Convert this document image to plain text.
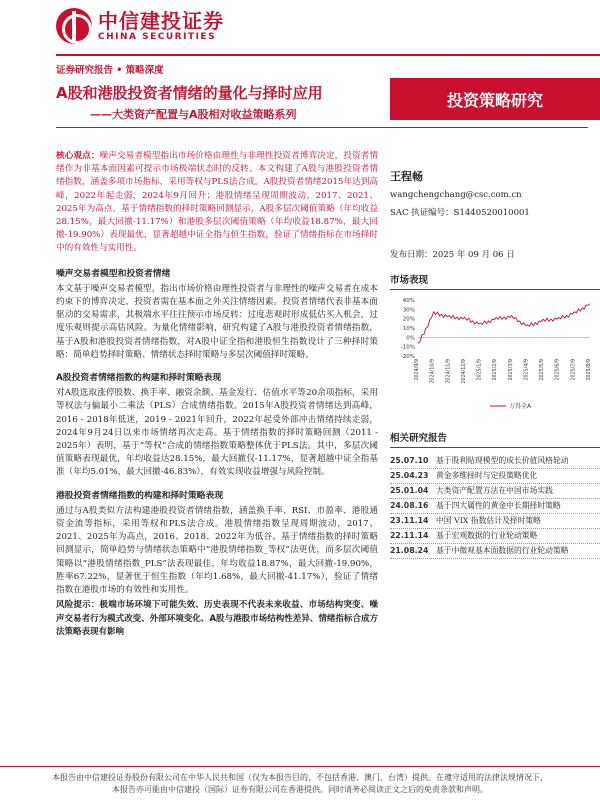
中信建投证券
CHINA SECURITIES
证券研究报告 • 策略深度
A股和港股投资者情绪的量化与择时应用
——大类资产配置与A股相对收益策略系列
投资策略研究
核心观点：噪声交易者模型指出市场价格由理性与非理性投资者博弈决定，投资者情绪作为非基本面因素可提示市场极端状态时的反转。本文构建了A股与港股投资者情绪指数，涵盖多项市场指标，采用等权与PLS法合成。A股投资者情绪2015年达到高峰，2022年起走弱，2024年9月回升；港股情绪呈现周期波动，2017、2021、2025年为高点。基于情绪指数的择时策略回测显示，A股多层次阈值策略（年均收益28.15%，最大回撤-11.17%）和港股多层次阈值策略（年均收益18.87%，最大回撤-19.90%）表现最优，显著超越中证全指与恒生指数，验证了情绪指标在市场择时中的有效性与实用性。
噪声交易者模型和投资者情绪
本文基于噪声交易者模型，指出市场价格由理性投资者与非理性的噪声交易者在成本约束下的博弈决定，投资者需在基本面之外关注情绪因素。投资者情绪代表非基本面驱动的交易需求，其极端水平往往预示市场反转：过度悲观时形成低估买入机会，过度乐观则提示高估风险。为量化情绪影响，研究构建了A股与港股投资者情绪指数，基于A股和港股投资者情绪指数，对A股中证全指和港股恒生指数设计了三种择时策略：简单趋势择时策略、情绪状态择时策略与多层次阈值择时策略。
A股投资者情绪指数的构建和择时策略表现
对A股选取涨停股数、换手率、融资余额、基金发行、估值水平等20余项指标，采用等权法与偏最小二乘法（PLS）合成情绪指数。2015年A股投资者情绪达到高峰，2016 - 2018年低迷，2019 - 2021年回升，2022年起受外部冲击情绪持续走弱，2024年9月24日以来市场情绪再次走高。基于情绪指数的择时策略回测（2011 - 2025年）表明，基于“等权”合成的情绪指数策略整体优于PLS法。其中，多层次阈值策略表现最优，年均收益达28.15%，最大回撤仅-11.17%，显著超越中证全指基准（年均5.01%，最大回撤-46.83%），有效实现收益增强与风险控制。
港股投资者情绪指数的构建和择时策略表现
通过与A股类似方法构建港股投资者情绪指数，涵盖换手率、RSI、市盈率、港股通资金流等指标，采用等权和PLS法合成。港股情绪指数呈现周期波动，2017、2021、2025年为高点，2016、2018、2022年为低谷。基于情绪指数的择时策略回测显示，简单趋势与情绪状态策略中“港股情绪指数_等权”法更优，而多层次阈值策略以“港股情绪指数_PLS”法表现最佳，年均收益18.87%，最大回撤-19.90%，胜率67.22%，显著优于恒生指数（年均1.68%，最大回撤-41.17%），验证了情绪指数在港股市场的有效性和实用性。
风险提示：极端市场环境下可能失效、历史表现不代表未来收益、市场结构突变、噪声交易者行为模式改变、外部环境变化、A股与港股市场结构性差异、情绪指标合成方法策略表现有影响
王程畅
wangchengchang@csc.com.cn
SAC 执证编号：S1440520010001
发布日期：2025 年 09 月 06 日
市场表现
40%
30%
20%
10%
0%
-10%
-20%
万得全A
2024/9/9 2024/10/9 2024/11/9 2024/12/9 2025/1/9 2025/2/9 2025/3/9 2025/4/9 2025/5/9 2025/6/9 2025/7/9 2025/8/9
相关研究报告
25.07.10 基于股利贴现模型的成长价值风格轮动
25.04.23 黄金多维择时与定投策略优化
25.01.04 大类资产配置方法在中国市场实践
24.08.16 基于四大属性的黄金中长期择时策略
23.11.14 中国 VIX 指数估计及择时策略
22.11.14 基于宏观数据的行业轮动策略
21.08.24 基于中微观基本面数据的行业轮动策略
本报告由中信建投证券股份有限公司在中华人民共和国（仅为本报告目的，不包括香港、澳门、台湾）提供。在遵守适用的法律法规情况下，
本报告亦可能由中信建投（国际）证券有限公司在香港提供。同时请务必阅读正文之后的免责条款和声明。
